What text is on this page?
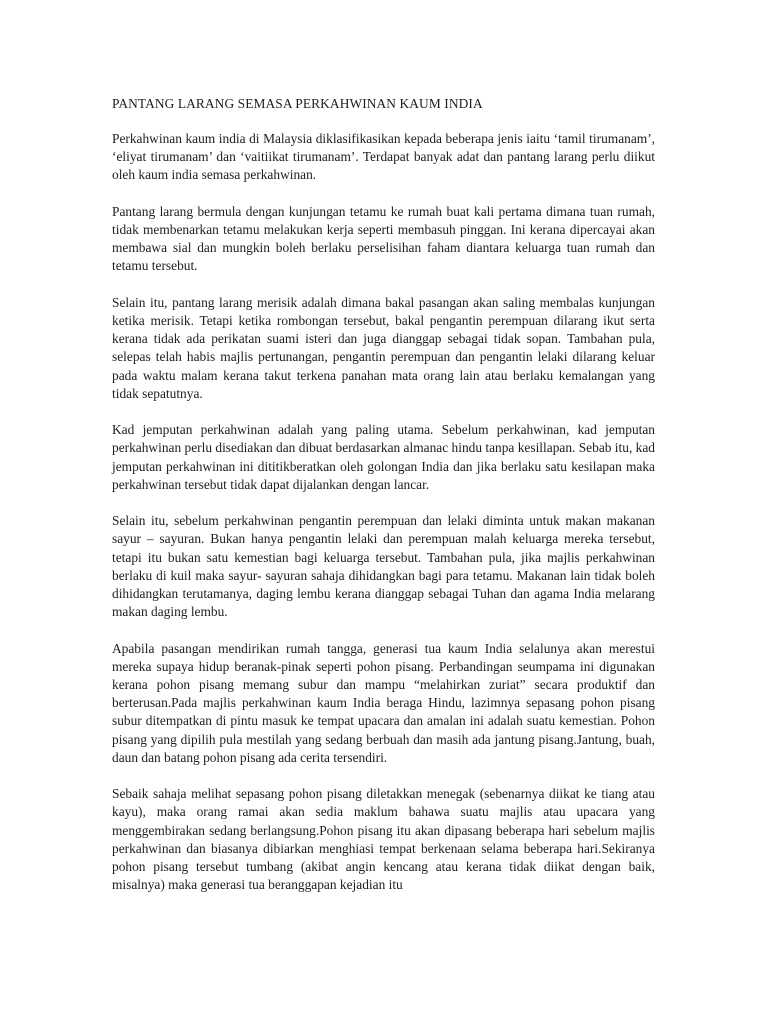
PANTANG LARANG SEMASA PERKAHWINAN KAUM INDIA

Perkahwinan kaum india di Malaysia diklasifikasikan kepada beberapa jenis iaitu ‘tamil tirumanam’, ‘eliyat tirumanam’ dan ‘vaitiikat tirumanam’. Terdapat banyak adat dan pantang larang perlu diikut oleh kaum india semasa perkahwinan.

Pantang larang bermula dengan kunjungan tetamu ke rumah buat kali pertama dimana tuan rumah, tidak membenarkan tetamu melakukan kerja seperti membasuh pinggan. Ini kerana dipercayai akan membawa sial dan mungkin boleh berlaku perselisihan faham diantara keluarga tuan rumah dan tetamu tersebut.

Selain itu, pantang larang merisik adalah dimana bakal pasangan akan saling membalas kunjungan ketika merisik. Tetapi ketika rombongan tersebut, bakal pengantin perempuan dilarang ikut serta kerana tidak ada perikatan suami isteri dan juga dianggap sebagai tidak sopan. Tambahan pula, selepas telah habis majlis pertunangan, pengantin perempuan dan pengantin lelaki dilarang keluar pada waktu malam kerana takut terkena panahan mata orang lain atau berlaku kemalangan yang tidak sepatutnya.

Kad jemputan perkahwinan adalah yang paling utama. Sebelum perkahwinan, kad jemputan perkahwinan perlu disediakan dan dibuat berdasarkan almanac hindu tanpa kesillapan. Sebab itu, kad jemputan perkahwinan ini dititikberatkan oleh golongan India dan jika berlaku satu kesilapan maka perkahwinan tersebut tidak dapat dijalankan dengan lancar.

Selain itu, sebelum perkahwinan pengantin perempuan dan lelaki diminta untuk makan makanan sayur – sayuran. Bukan hanya pengantin lelaki dan perempuan malah keluarga mereka tersebut, tetapi itu bukan satu kemestian bagi keluarga tersebut. Tambahan pula, jika majlis perkahwinan berlaku di kuil maka sayur- sayuran sahaja dihidangkan bagi para tetamu. Makanan lain tidak boleh dihidangkan terutamanya, daging lembu kerana dianggap sebagai Tuhan dan agama India melarang makan daging lembu.

Apabila pasangan mendirikan rumah tangga, generasi tua kaum India selalunya akan merestui mereka supaya hidup beranak-pinak seperti pohon pisang. Perbandingan seumpama ini digunakan kerana pohon pisang memang subur dan mampu “melahirkan zuriat” secara produktif dan berterusan.Pada majlis perkahwinan kaum India beraga Hindu, lazimnya sepasang pohon pisang subur ditempatkan di pintu masuk ke tempat upacara dan amalan ini adalah suatu kemestian. Pohon pisang yang dipilih pula mestilah yang sedang berbuah dan masih ada jantung pisang.Jantung, buah, daun dan batang pohon pisang ada cerita tersendiri.

Sebaik sahaja melihat sepasang pohon pisang diletakkan menegak (sebenarnya diikat ke tiang atau kayu), maka orang ramai akan sedia maklum bahawa suatu majlis atau upacara yang menggembirakan sedang berlangsung.Pohon pisang itu akan dipasang beberapa hari sebelum majlis perkahwinan dan biasanya dibiarkan menghiasi tempat berkenaan selama beberapa hari.Sekiranya pohon pisang tersebut tumbang (akibat angin kencang atau kerana tidak diikat dengan baik, misalnya) maka generasi tua beranggapan kejadian itu
